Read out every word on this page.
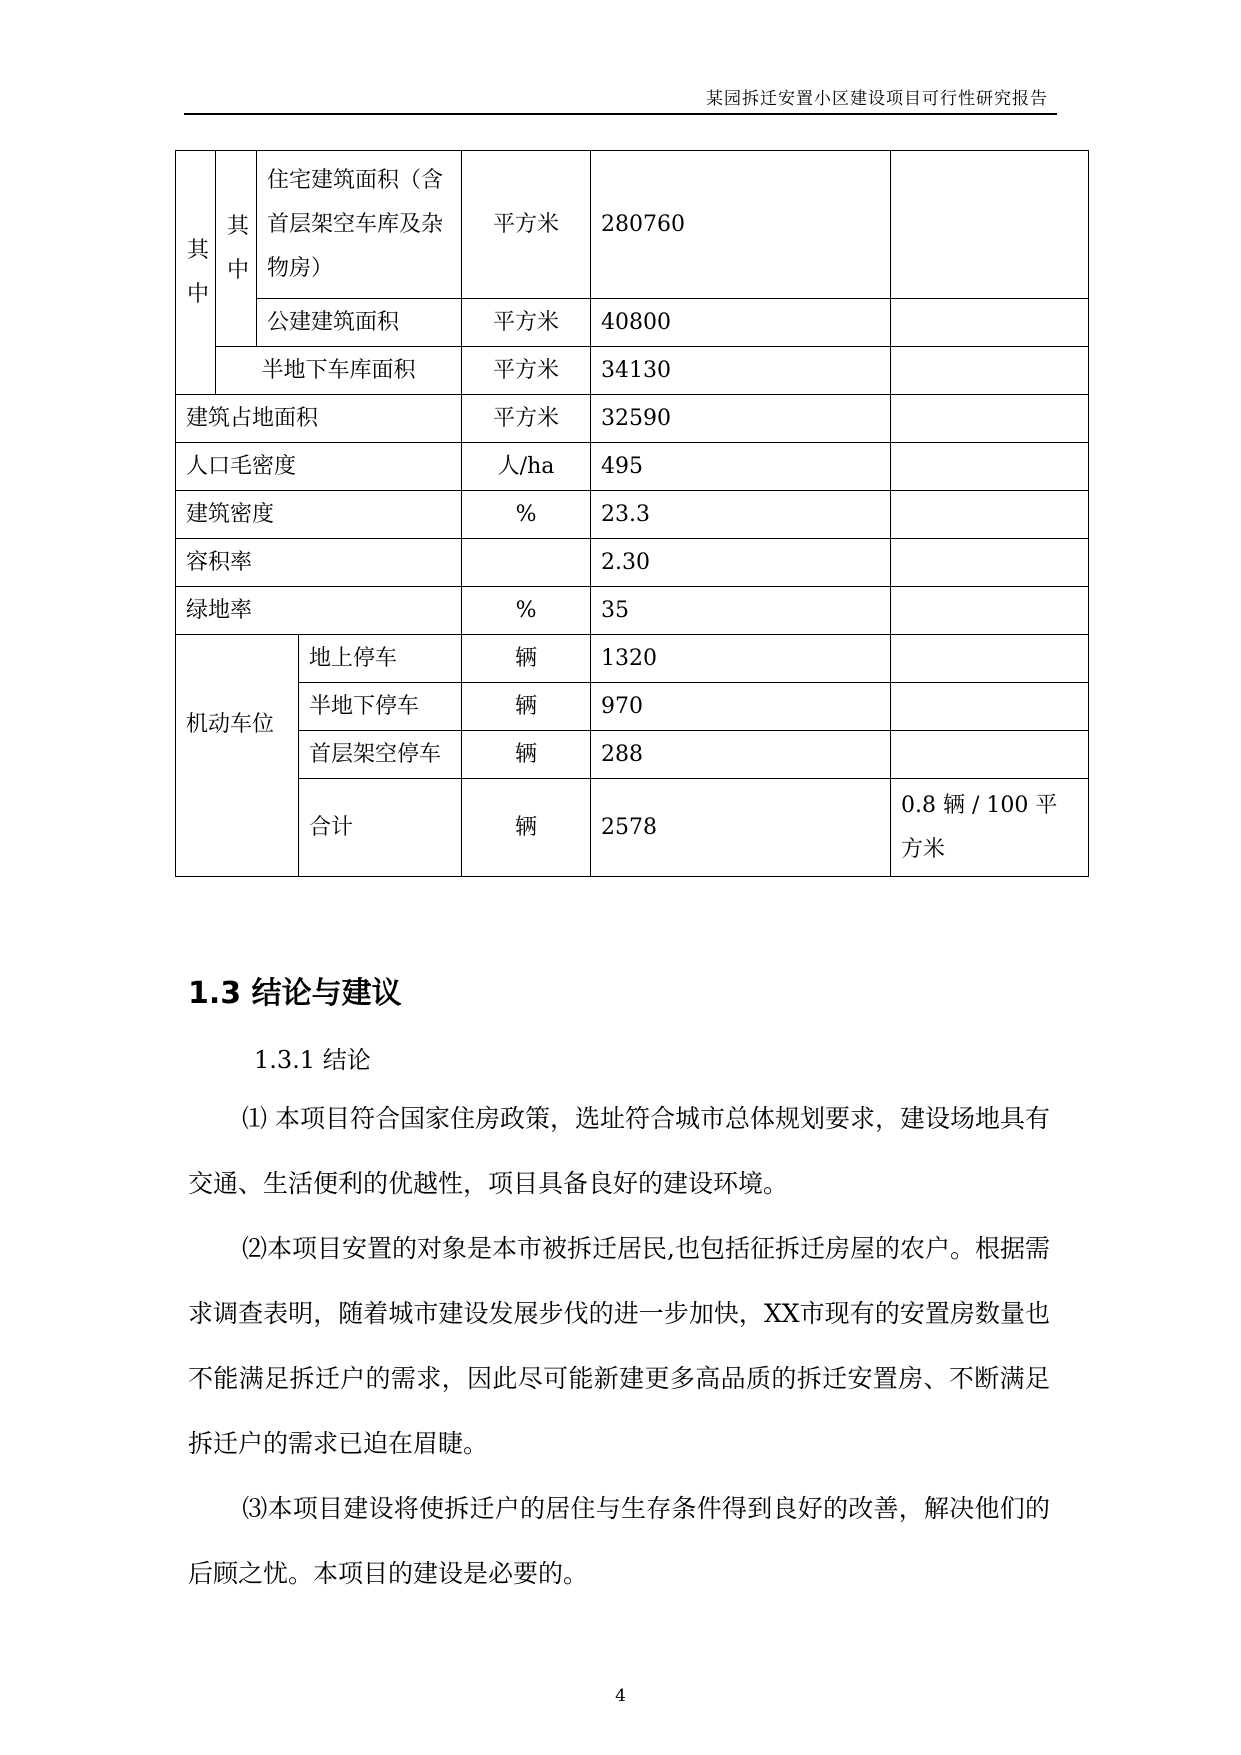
某园拆迁安置小区建设项目可行性研究报告
其中	其中	住宅建筑面积（含首层架空车库及杂物房）		平方米	280760	
		公建建筑面积		平方米	40800	
	半地下车库面积			平方米	34130	
建筑占地面积				平方米	32590	
人口毛密度				人/ha	495	
建筑密度				%	23.3	
容积率					2.30	
绿地率				%	35	
机动车位			地上停车	辆	1320	
			半地下停车	辆	970	
			首层架空停车	辆	288	
			合计	辆	2578	0.8 辆 / 100 平方米
1.3 结论与建议
1.3.1 结论
⑴ 本项目符合国家住房政策，选址符合城市总体规划要求，建设场地具有交通、生活便利的优越性，项目具备良好的建设环境。
⑵本项目安置的对象是本市被拆迁居民,也包括征拆迁房屋的农户。根据需求调查表明，随着城市建设发展步伐的进一步加快，XX市现有的安置房数量也不能满足拆迁户的需求，因此尽可能新建更多高品质的拆迁安置房、不断满足拆迁户的需求已迫在眉睫。
⑶本项目建设将使拆迁户的居住与生存条件得到良好的改善，解决他们的后顾之忧。本项目的建设是必要的。
4
